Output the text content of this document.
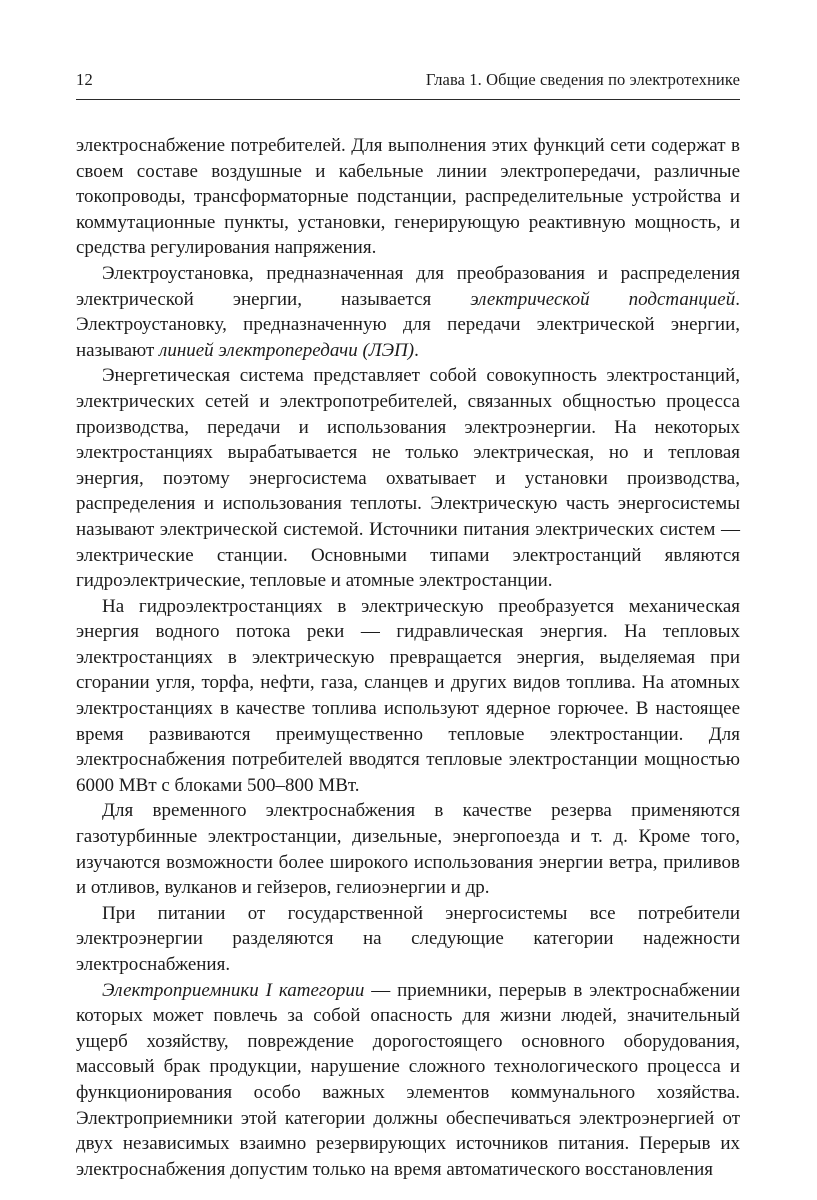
12	Глава 1. Общие сведения по электротехнике

электроснабжение потребителей. Для выполнения этих функций сети содержат в своем составе воздушные и кабельные линии электропередачи, различные токопроводы, трансформаторные подстанции, распределительные устройства и коммутационные пункты, установки, генерирующую реактивную мощность, и средства регулирования напряжения.

Электроустановка, предназначенная для преобразования и распределения электрической энергии, называется электрической подстанцией. Электроустановку, предназначенную для передачи электрической энергии, называют линией электропередачи (ЛЭП).

Энергетическая система представляет собой совокупность электростанций, электрических сетей и электропотребителей, связанных общностью процесса производства, передачи и использования электроэнергии. На некоторых электростанциях вырабатывается не только электрическая, но и тепловая энергия, поэтому энергосистема охватывает и установки производства, распределения и использования теплоты. Электрическую часть энергосистемы называют электрической системой. Источники питания электрических систем — электрические станции. Основными типами электростанций являются гидроэлектрические, тепловые и атомные электростанции.

На гидроэлектростанциях в электрическую преобразуется механическая энергия водного потока реки — гидравлическая энергия. На тепловых электростанциях в электрическую превращается энергия, выделяемая при сгорании угля, торфа, нефти, газа, сланцев и других видов топлива. На атомных электростанциях в качестве топлива используют ядерное горючее. В настоящее время развиваются преимущественно тепловые электростанции. Для электроснабжения потребителей вводятся тепловые электростанции мощностью 6000 МВт с блоками 500–800 МВт.

Для временного электроснабжения в качестве резерва применяются газотурбинные электростанции, дизельные, энергопоезда и т. д. Кроме того, изучаются возможности более широкого использования энергии ветра, приливов и отливов, вулканов и гейзеров, гелиоэнергии и др.

При питании от государственной энергосистемы все потребители электроэнергии разделяются на следующие категории надежности электроснабжения.

Электроприемники I категории — приемники, перерыв в электроснабжении которых может повлечь за собой опасность для жизни людей, значительный ущерб хозяйству, повреждение дорогостоящего основного оборудования, массовый брак продукции, нарушение сложного технологического процесса и функционирования особо важных элементов коммунального хозяйства. Электроприемники этой категории должны обеспечиваться электроэнергией от двух независимых взаимно резервирующих источников питания. Перерыв их электроснабжения допустим только на время автоматического восстановления
